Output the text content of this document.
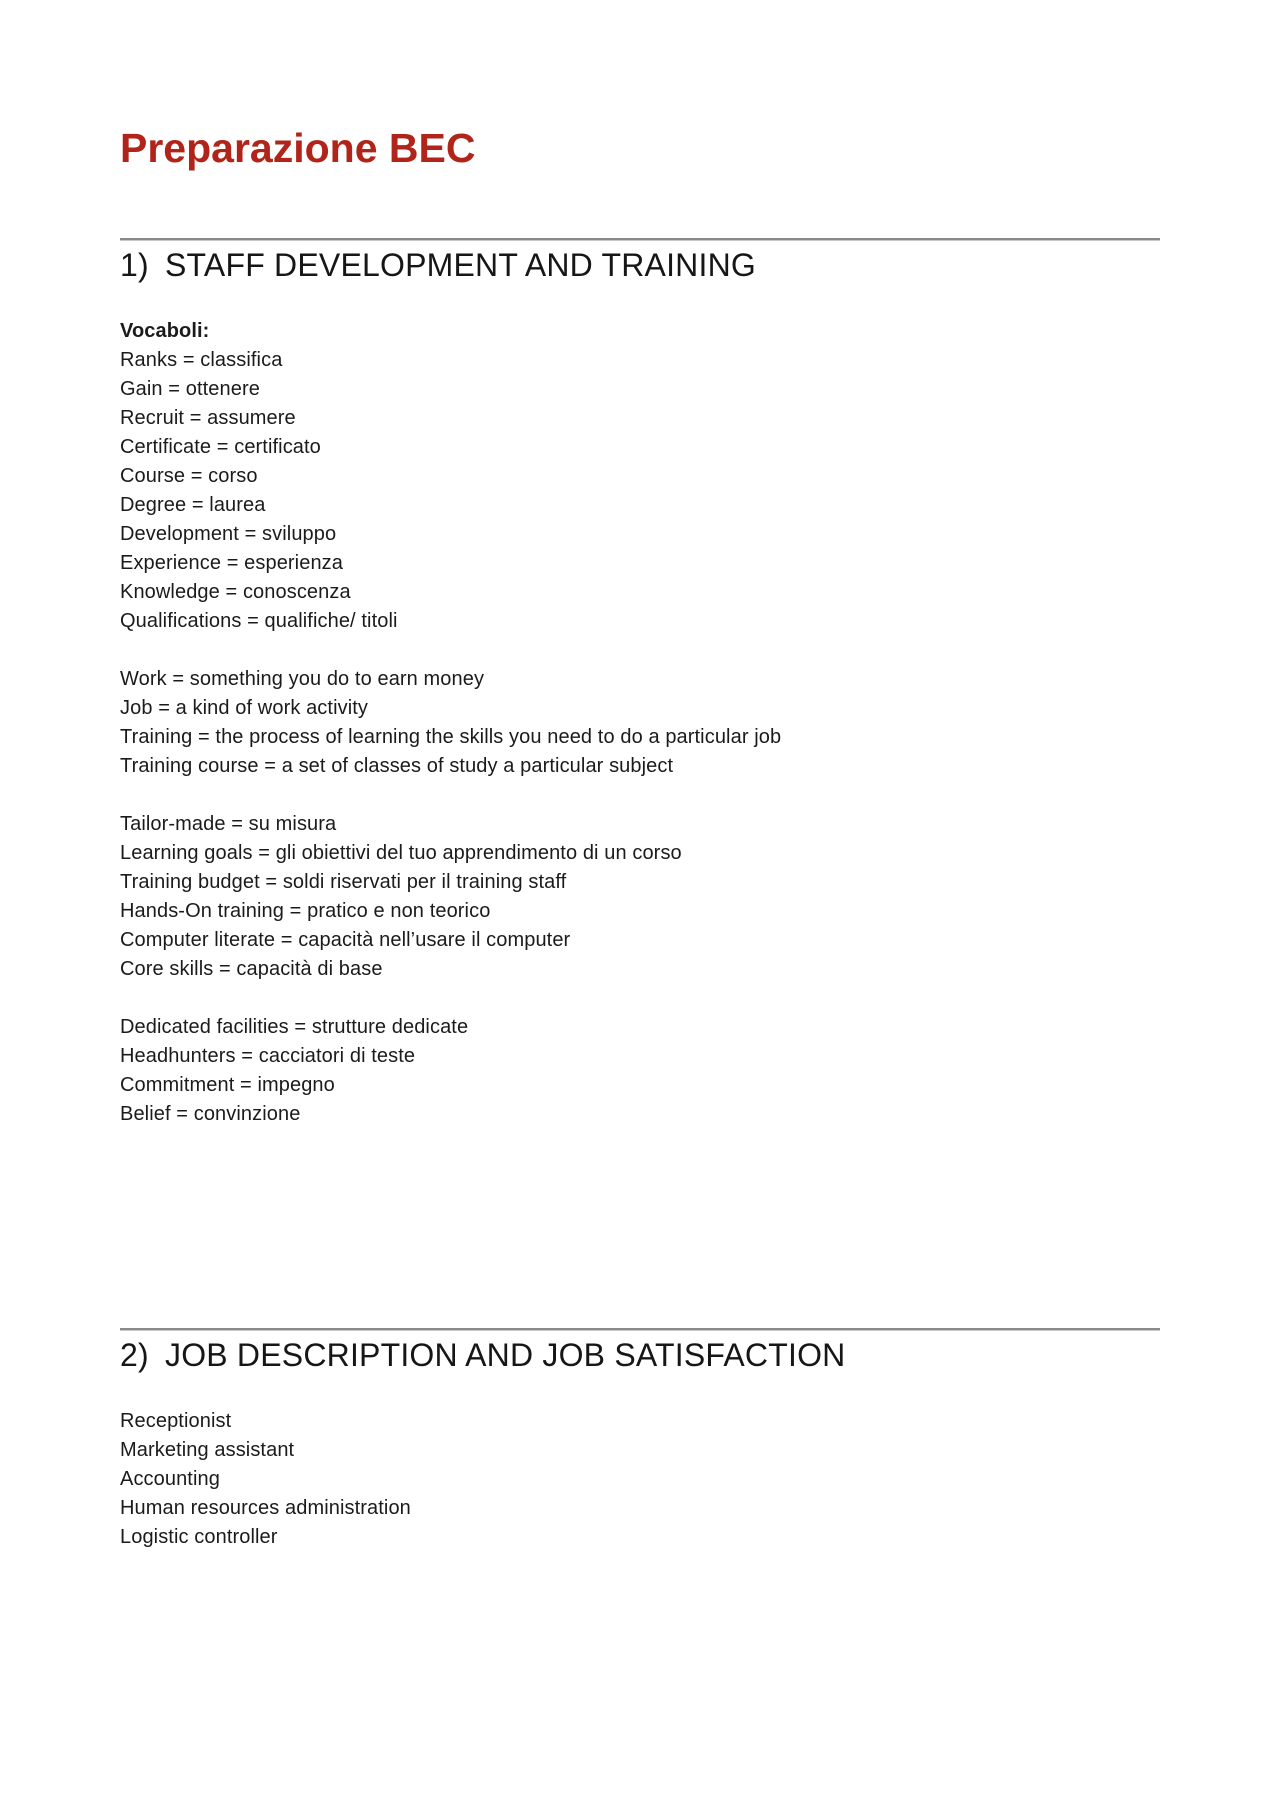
Preparazione BEC
1) STAFF DEVELOPMENT AND TRAINING
Vocaboli:
Ranks = classifica
Gain = ottenere
Recruit = assumere
Certificate = certificato
Course = corso
Degree = laurea
Development = sviluppo
Experience = esperienza
Knowledge = conoscenza
Qualifications = qualifiche/ titoli
Work = something you do to earn money
Job = a kind of work activity
Training = the process of learning the skills you need to do a particular job
Training course = a set of classes of study a particular subject
Tailor-made = su misura
Learning goals = gli obiettivi del tuo apprendimento di un corso
Training budget = soldi riservati per il training staff
Hands-On training = pratico e non teorico
Computer literate = capacità nell’usare il computer
Core skills = capacità di base
Dedicated facilities = strutture dedicate
Headhunters = cacciatori di teste
Commitment = impegno
Belief = convinzione
2) JOB DESCRIPTION AND JOB SATISFACTION
Receptionist
Marketing assistant
Accounting
Human resources administration
Logistic controller
